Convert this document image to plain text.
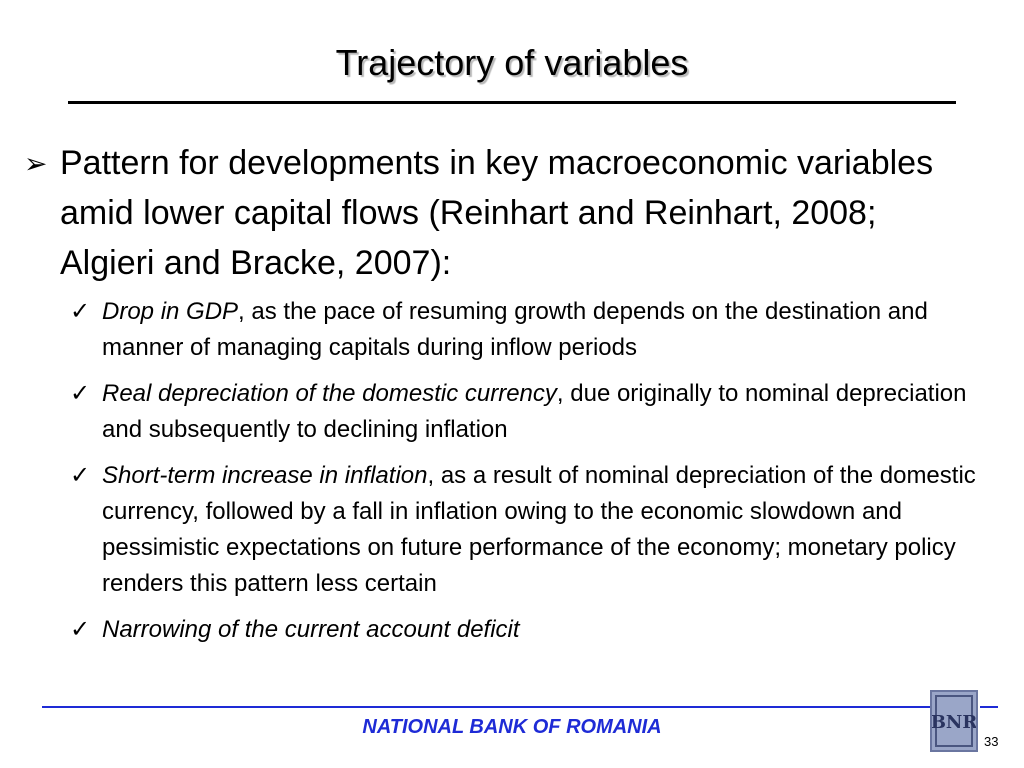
Trajectory of variables
➢ Pattern for developments in key macroeconomic variables amid lower capital flows (Reinhart and Reinhart, 2008; Algieri and Bracke, 2007):
✓ Drop in GDP, as the pace of resuming growth depends on the destination and manner of managing capitals during inflow periods
✓ Real depreciation of the domestic currency, due originally to nominal depreciation and subsequently to declining inflation
✓ Short-term increase in inflation, as a result of nominal depreciation of the domestic currency, followed by a fall in inflation owing to the economic slowdown and pessimistic expectations on future performance of the economy; monetary policy renders this pattern less certain
✓ Narrowing of the current account deficit
NATIONAL BANK OF ROMANIA	BNR
33
